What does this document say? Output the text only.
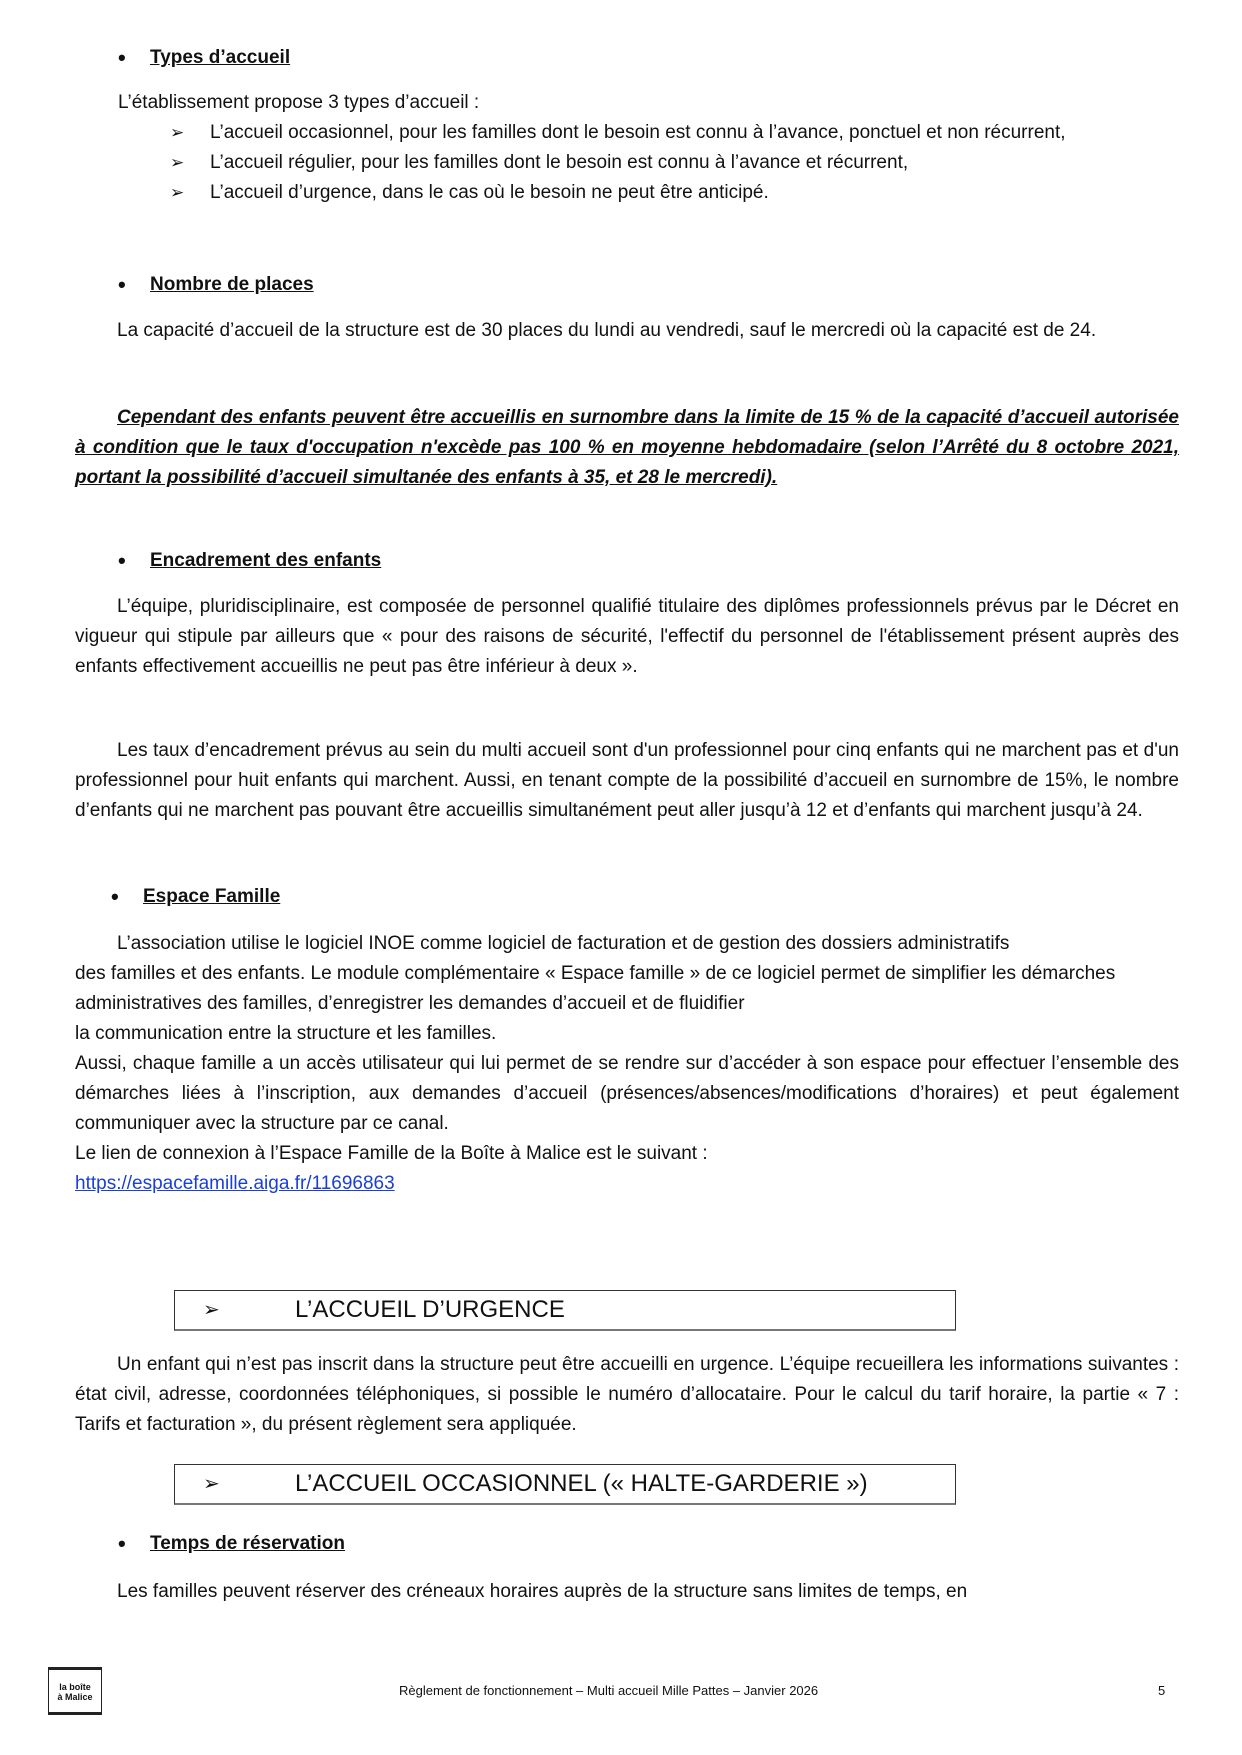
• Types d’accueil
L’établissement propose 3 types d’accueil :
➢ L’accueil occasionnel, pour les familles dont le besoin est connu à l’avance, ponctuel et non récurrent,
➢ L’accueil régulier, pour les familles dont le besoin est connu à l’avance et récurrent,
➢ L’accueil d’urgence, dans le cas où le besoin ne peut être anticipé.
• Nombre de places

La capacité d’accueil de la structure est de 30 places du lundi au vendredi, sauf le mercredi où la capacité est de 24.

Cependant des enfants peuvent être accueillis en surnombre dans la limite de 15 % de la capacité d’accueil autorisée à condition que le taux d'occupation n'excède pas 100 % en moyenne hebdomadaire (selon l’Arrêté du 8 octobre 2021, portant la possibilité d’accueil simultanée des enfants à 35, et 28 le mercredi).

• Encadrement des enfants

L’équipe, pluridisciplinaire, est composée de personnel qualifié titulaire des diplômes professionnels prévus par le Décret en vigueur qui stipule par ailleurs que « pour des raisons de sécurité, l'effectif du personnel de l'établissement présent auprès des enfants effectivement accueillis ne peut pas être inférieur à deux ».

Les taux d’encadrement prévus au sein du multi accueil sont d'un professionnel pour cinq enfants qui ne marchent pas et d'un professionnel pour huit enfants qui marchent. Aussi, en tenant compte de la possibilité d’accueil en surnombre de 15%, le nombre d’enfants qui ne marchent pas pouvant être accueillis simultanément peut aller jusqu’à 12 et d’enfants qui marchent jusqu’à 24.

• Espace Famille

L’association utilise le logiciel INOE comme logiciel de facturation et de gestion des dossiers administratifs

des familles et des enfants. Le module complémentaire « Espace famille » de ce logiciel permet de simplifier les démarches administratives des familles, d’enregistrer les demandes d’accueil et de fluidifier

la communication entre la structure et les familles.

Aussi, chaque famille a un accès utilisateur qui lui permet de se rendre sur d’accéder à son espace pour effectuer l’ensemble des démarches liées à l’inscription, aux demandes d’accueil (présences/absences/modifications d’horaires) et peut également communiquer avec la structure par ce canal.

Le lien de connexion à l’Espace Famille de la Boîte à Malice est le suivant :

https://espacefamille.aiga.fr/11696863

➢	L’ACCUEIL D’URGENCE

Un enfant qui n’est pas inscrit dans la structure peut être accueilli en urgence. L’équipe recueillera les informations suivantes : état civil, adresse, coordonnées téléphoniques, si possible le numéro d’allocataire. Pour le calcul du tarif horaire, la partie « 7 : Tarifs et facturation », du présent règlement sera appliquée.

➢	L’ACCUEIL OCCASIONNEL (« HALTE-GARDERIE »)
• Temps de réservation

Les familles peuvent réserver des créneaux horaires auprès de la structure sans limites de temps, en

la boîte
à Malice	Règlement de fonctionnement – Multi accueil Mille Pattes – Janvier 2026	5
